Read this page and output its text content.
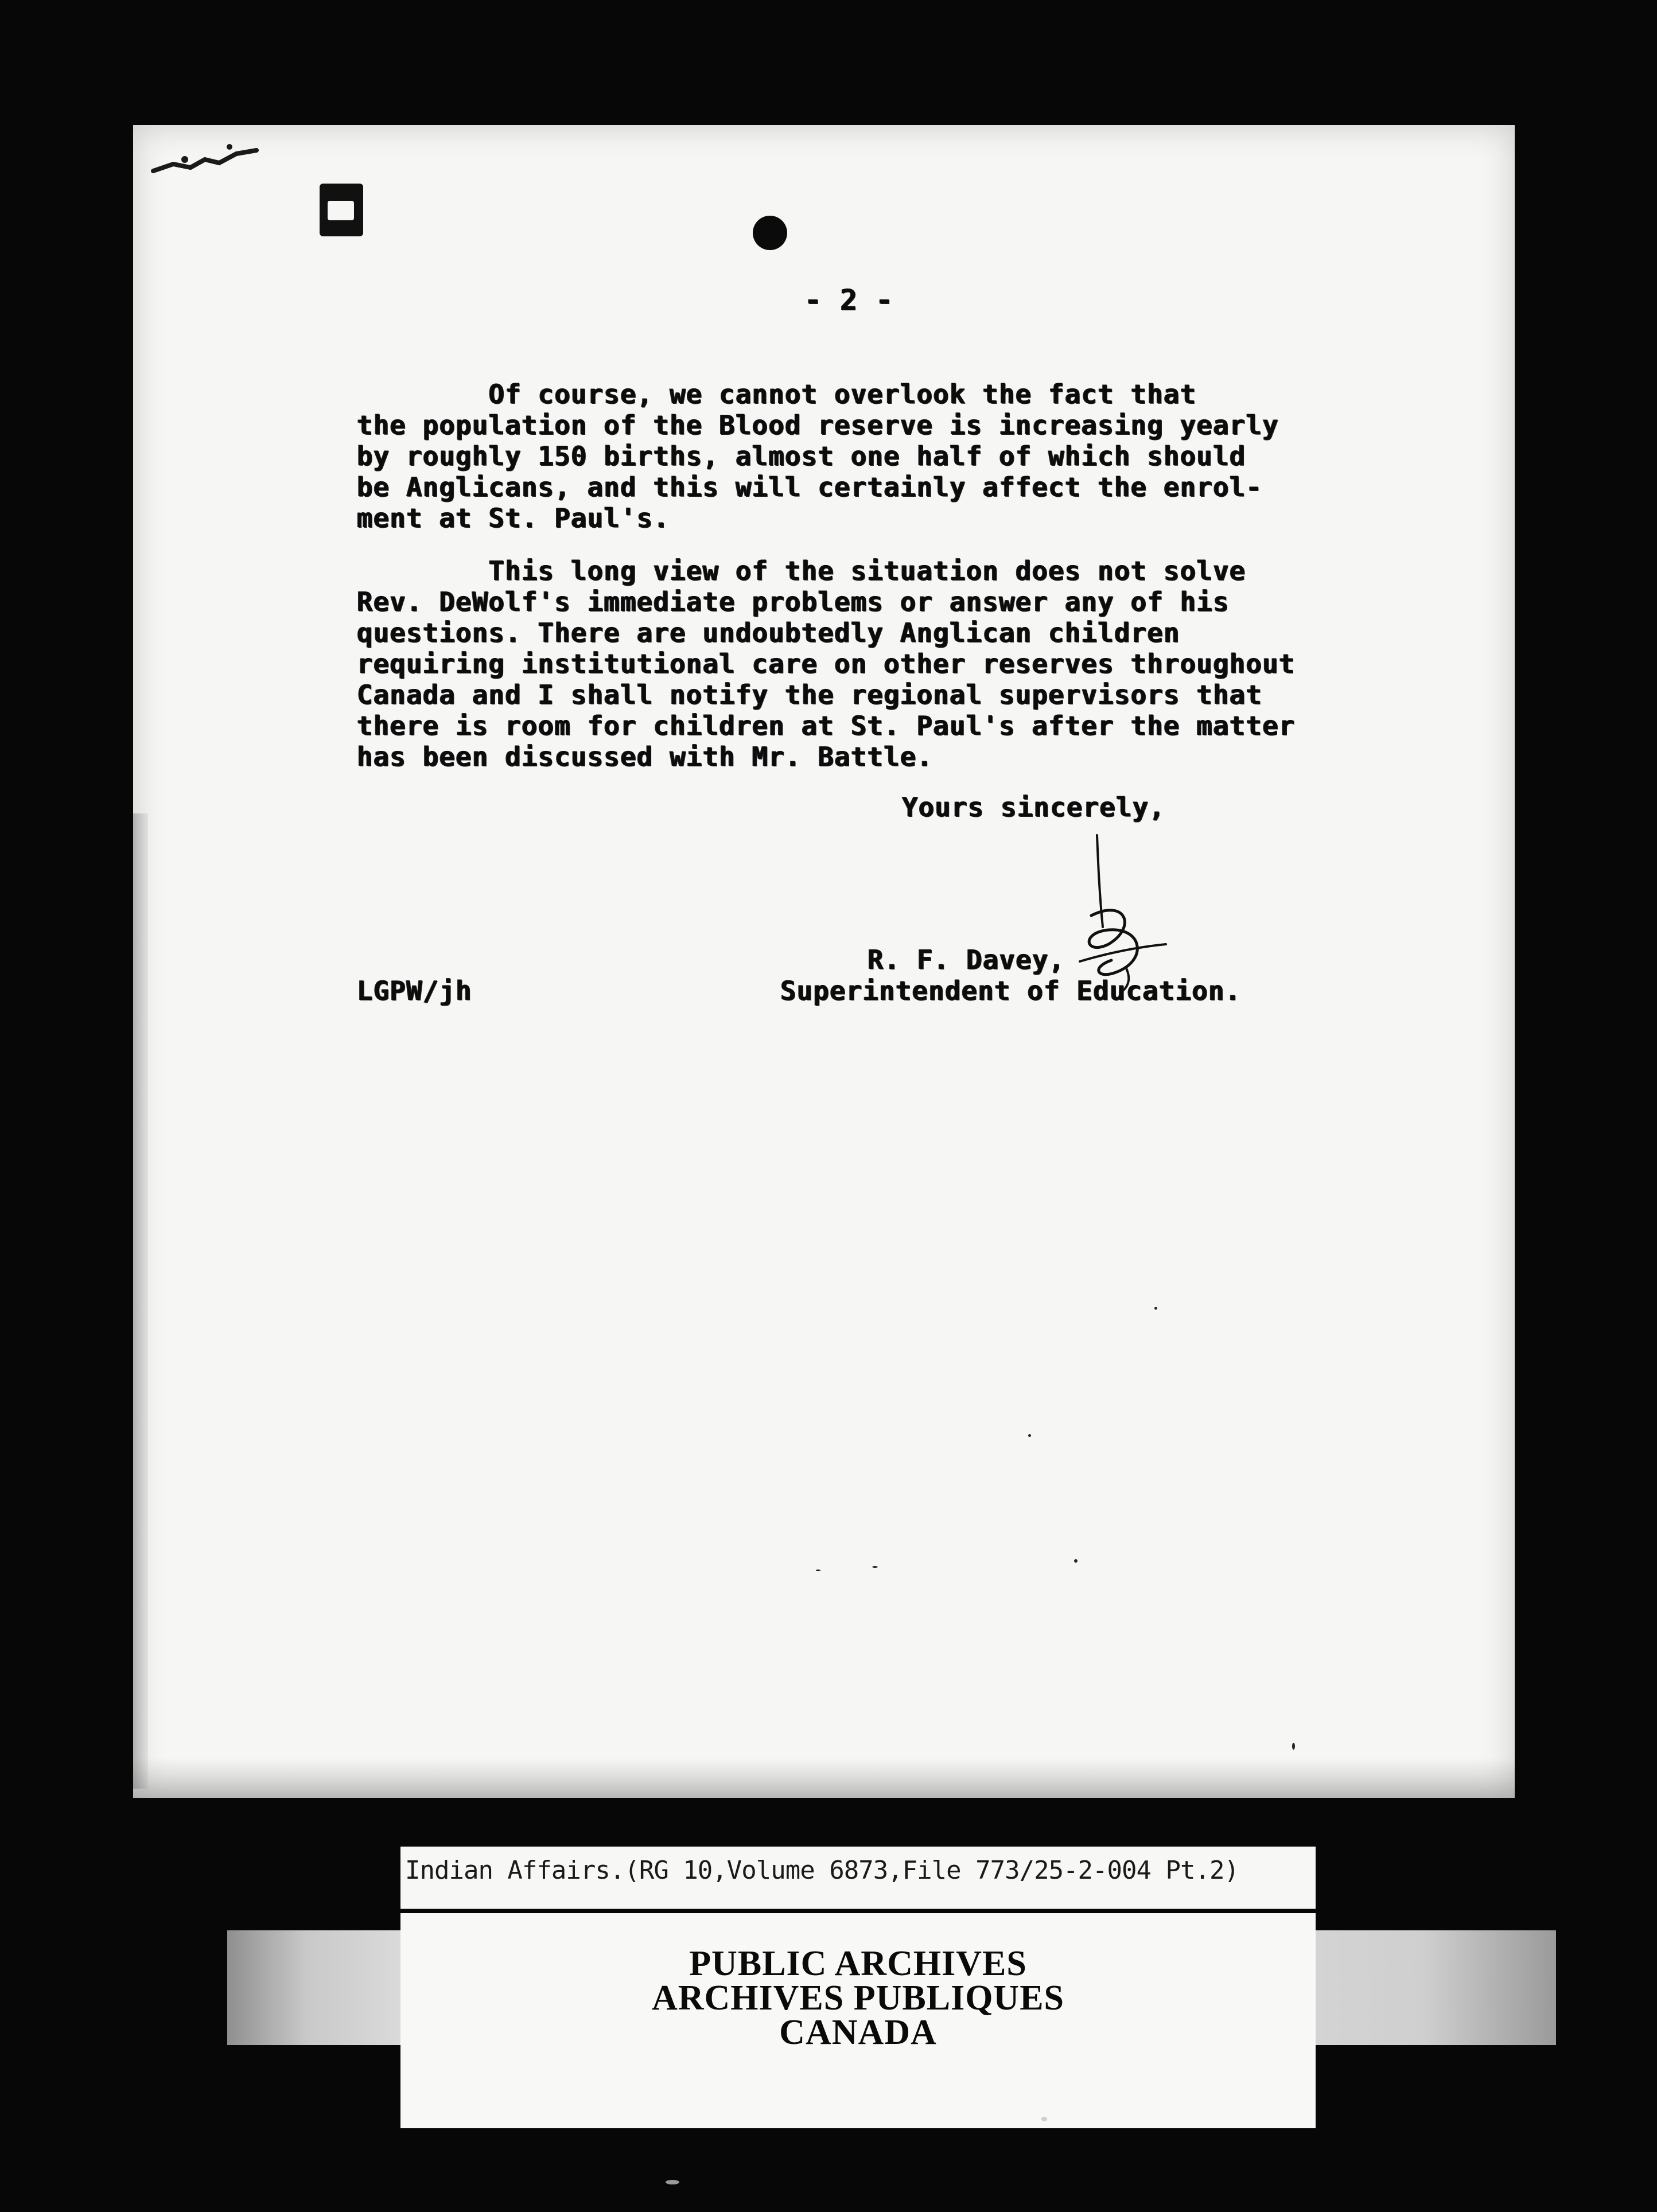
- 2 -
Of course, we cannot overlook the fact that
the population of the Blood reserve is increasing yearly
by roughly 150 births, almost one half of which should
be Anglicans, and this will certainly affect the enrol-
ment at St. Paul's.
This long view of the situation does not solve
Rev. DeWolf's immediate problems or answer any of his
questions. There are undoubtedly Anglican children
requiring institutional care on other reserves throughout
Canada and I shall notify the regional supervisors that
there is room for children at St. Paul's after the matter
has been discussed with Mr. Battle.
Yours sincerely,
R. F. Davey,
Superintendent of Education.
LGPW/jh
PUBLIC ARCHIVES
ARCHIVES PUBLIQUES
CANADA
Indian Affairs.(RG 10,Volume 6873,File 773/25-2-004 Pt.2)
